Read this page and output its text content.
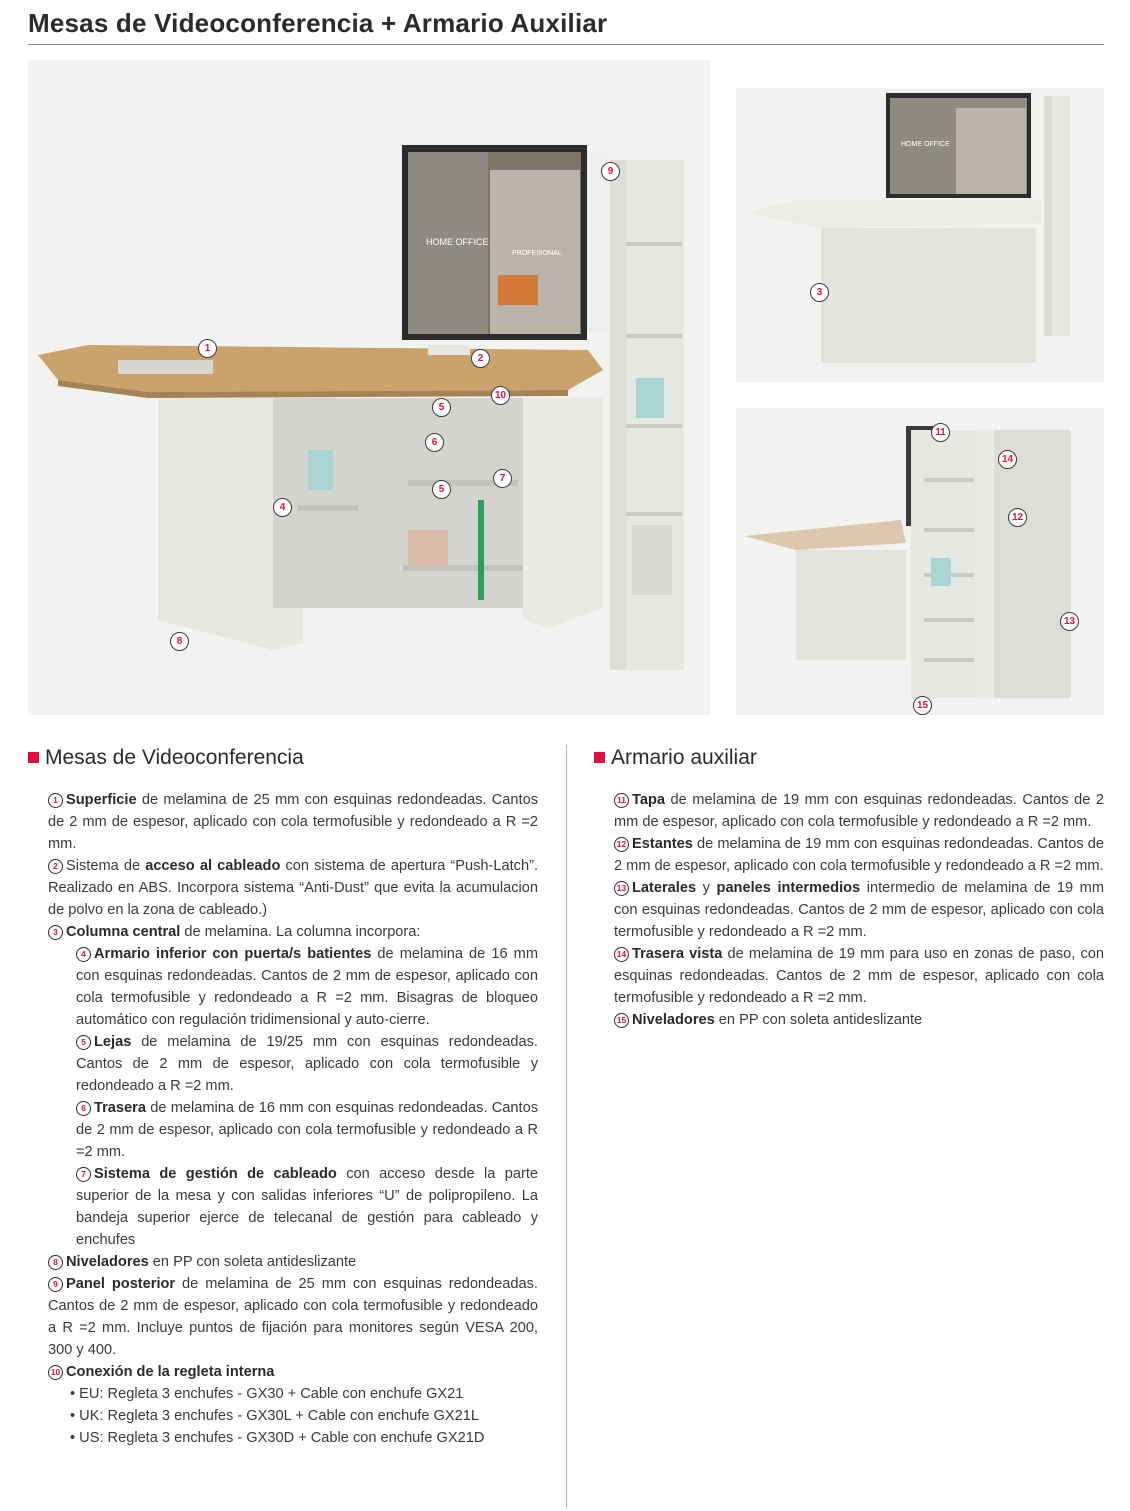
Mesas de Videoconferencia + Armario Auxiliar
HOME OFFICE
PROFESIONAL
1
2
10
5
6
7
5
4
9
8
HOME OFFICE
3
11
14
12
13
15
Mesas de Videoconferencia	Armario auxiliar
1 Superficie de melamina de 25 mm con esquinas redondeadas. Cantos de 2 mm de espesor, aplicado con cola termofusible y redondeado a R =2 mm.
2 Sistema de acceso al cableado con sistema de apertura “Push-Latch”. Realizado en ABS. Incorpora sistema “Anti-Dust” que evita la acumulacion de polvo en la zona de cableado.)
3 Columna central de melamina. La columna incorpora:
4 Armario inferior con puerta/s batientes de melamina de 16 mm con esquinas redondeadas. Cantos de 2 mm de espesor, aplicado con cola termofusible y redondeado a R =2 mm. Bisagras de bloqueo automático con regulación tridimensional y auto-cierre.
5 Lejas de melamina de 19/25 mm con esquinas redondeadas. Cantos de 2 mm de espesor, aplicado con cola termofusible y redondeado a R =2 mm.
6 Trasera de melamina de 16 mm con esquinas redondeadas. Cantos de 2 mm de espesor, aplicado con cola termofusible y redondeado a R =2 mm.
7 Sistema de gestión de cableado con acceso desde la parte superior de la mesa y con salidas inferiores “U” de polipropileno. La bandeja superior ejerce de telecanal de gestión para cableado y enchufes
8 Niveladores en PP con soleta antideslizante
9 Panel posterior de melamina de 25 mm con esquinas redondeadas. Cantos de 2 mm de espesor, aplicado con cola termofusible y redondeado a R =2 mm. Incluye puntos de fijación para monitores según VESA 200, 300 y 400.
10 Conexión de la regleta interna
• EU: Regleta 3 enchufes - GX30 + Cable con enchufe GX21
• UK: Regleta 3 enchufes - GX30L + Cable con enchufe GX21L
• US: Regleta 3 enchufes - GX30D + Cable con enchufe GX21D
11 Tapa de melamina de 19 mm con esquinas redondeadas. Cantos de 2 mm de espesor, aplicado con cola termofusible y redondeado a R =2 mm.
12 Estantes de melamina de 19 mm con esquinas redondeadas. Cantos de 2 mm de espesor, aplicado con cola termofusible y redondeado a R =2 mm.
13 Laterales y paneles intermedios intermedio de melamina de 19 mm con esquinas redondeadas. Cantos de 2 mm de espesor, aplicado con cola termofusible y redondeado a R =2 mm.
14 Trasera vista de melamina de 19 mm para uso en zonas de paso, con esquinas redondeadas. Cantos de 2 mm de espesor, aplicado con cola termofusible y redondeado a R =2 mm.
15 Niveladores en PP con soleta antideslizante
